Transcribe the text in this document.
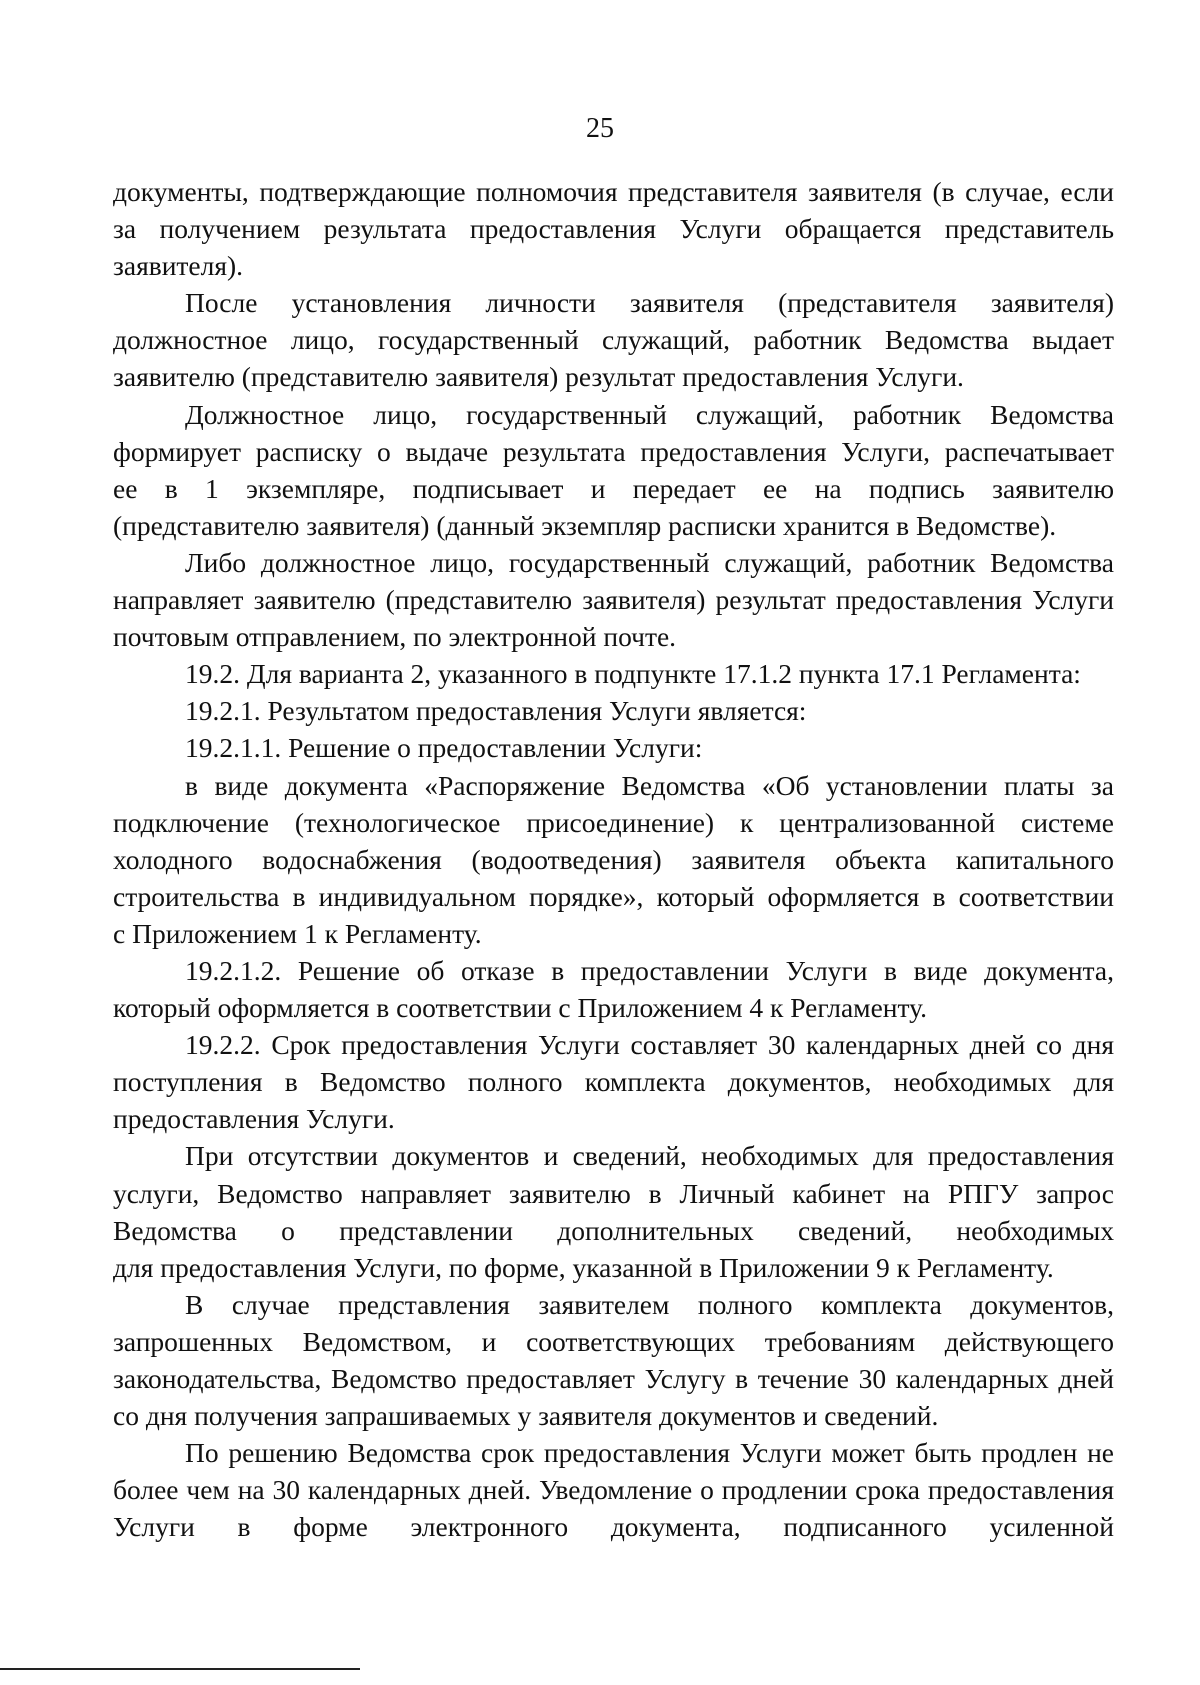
25
документы, подтверждающие полномочия представителя заявителя (в случае, если
за получением результата предоставления Услуги обращается представитель
заявителя).
После установления личности заявителя (представителя заявителя)
должностное лицо, государственный служащий, работник Ведомства выдает
заявителю (представителю заявителя) результат предоставления Услуги.
Должностное лицо, государственный служащий, работник Ведомства
формирует расписку о выдаче результата предоставления Услуги, распечатывает
ее в 1 экземпляре, подписывает и передает ее на подпись заявителю
(представителю заявителя) (данный экземпляр расписки хранится в Ведомстве).
Либо должностное лицо, государственный служащий, работник Ведомства
направляет заявителю (представителю заявителя) результат предоставления Услуги
почтовым отправлением, по электронной почте.
19.2. Для варианта 2, указанного в подпункте 17.1.2 пункта 17.1 Регламента:
19.2.1. Результатом предоставления Услуги является:
19.2.1.1. Решение о предоставлении Услуги:
в виде документа «Распоряжение Ведомства «Об установлении платы за
подключение (технологическое присоединение) к централизованной системе
холодного водоснабжения (водоотведения) заявителя объекта капитального
строительства в индивидуальном порядке», который оформляется в соответствии
с Приложением 1 к Регламенту.
19.2.1.2. Решение об отказе в предоставлении Услуги в виде документа,
который оформляется в соответствии с Приложением 4 к Регламенту.
19.2.2. Срок предоставления Услуги составляет 30 календарных дней со дня
поступления в Ведомство полного комплекта документов, необходимых для
предоставления Услуги.
При отсутствии документов и сведений, необходимых для предоставления
услуги, Ведомство направляет заявителю в Личный кабинет на РПГУ запрос
Ведомства о представлении дополнительных сведений, необходимых
для предоставления Услуги, по форме, указанной в Приложении 9 к Регламенту.
В случае представления заявителем полного комплекта документов,
запрошенных Ведомством, и соответствующих требованиям действующего
законодательства, Ведомство предоставляет Услугу в течение 30 календарных дней
со дня получения запрашиваемых у заявителя документов и сведений.
По решению Ведомства срок предоставления Услуги может быть продлен не
более чем на 30 календарных дней. Уведомление о продлении срока предоставления
Услуги в форме электронного документа, подписанного усиленной
